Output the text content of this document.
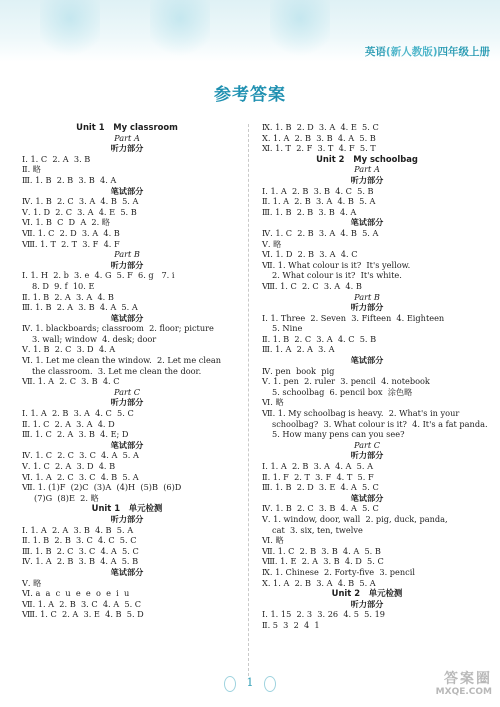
英语(新人教版)四年级上册
参考答案
Unit 1   My classroom
Part A
听力部分
Ⅰ. 1. C  2. A  3. B
Ⅱ. 略
Ⅲ. 1. B  2. B  3. B  4. A
笔试部分
Ⅳ. 1. B  2. C  3. A  4. B  5. A
Ⅴ. 1. D  2. C  3. A  4. E  5. B
Ⅵ. 1. B  C  D  A  2. 略
Ⅶ. 1. C  2. D  3. A  4. B
Ⅷ. 1. T  2. T  3. F  4. F
Part B
听力部分
Ⅰ. 1. H  2. b  3. e  4. G  5. F  6. g   7. i
8. D  9. f  10. E
Ⅱ. 1. B  2. A  3. A  4. B
Ⅲ. 1. B  2. A  3. B  4. A  5. A
笔试部分
Ⅳ. 1. blackboards; classroom  2. floor; picture
3. wall; window  4. desk; door
Ⅴ. 1. B  2. C  3. D  4. A
Ⅵ. 1. Let me clean the window.  2. Let me clean
the classroom.  3. Let me clean the door.
Ⅶ. 1. A  2. C  3. B  4. C
Part C
听力部分
Ⅰ. 1. A  2. B  3. A  4. C  5. C
Ⅱ. 1. C  2. A  3. A  4. D
Ⅲ. 1. C  2. A  3. B  4. E; D
笔试部分
Ⅳ. 1. C  2. C  3. C  4. A  5. A
Ⅴ. 1. C  2. A  3. D  4. B
Ⅵ. 1. A  2. C  3. C  4. B  5. A
Ⅶ. 1. (1)F  (2)C  (3)A  (4)H  (5)B  (6)D
(7)G  (8)E  2. 略
Unit 1   单元检测
听力部分
Ⅰ. 1. A  2. A  3. B  4. B  5. A
Ⅱ. 1. B  2. B  3. C  4. C  5. C
Ⅲ. 1. B  2. C  3. C  4. A  5. C
Ⅳ. 1. A  2. B  3. B  4. A  5. B
笔试部分
Ⅴ. 略
Ⅵ. a  a  c  u  e  e  o  e  i  u
Ⅶ. 1. A  2. B  3. C  4. A  5. C
Ⅷ. 1. C  2. A  3. E  4. B  5. D
Ⅸ. 1. B  2. D  3. A  4. E  5. C
Ⅹ. 1. A  2. B  3. B  4. A  5. B
Ⅺ. 1. T  2. F  3. T  4. F  5. T
Unit 2   My schoolbag
Part A
听力部分
Ⅰ. 1. A  2. B  3. B  4. C  5. B
Ⅱ. 1. A  2. B  3. A  4. B  5. A
Ⅲ. 1. B  2. B  3. B  4. A
笔试部分
Ⅳ. 1. C  2. B  3. A  4. B  5. A
Ⅴ. 略
Ⅵ. 1. D  2. B  3. A  4. C
Ⅶ. 1. What colour is it?  It's yellow.
2. What colour is it?  It's white.
Ⅷ. 1. C  2. C  3. A  4. B
Part B
听力部分
Ⅰ. 1. Three  2. Seven  3. Fifteen  4. Eighteen
5. Nine
Ⅱ. 1. B  2. C  3. A  4. C  5. B
Ⅲ. 1. A  2. A  3. A
笔试部分
Ⅳ. pen  book  pig
Ⅴ. 1. pen  2. ruler  3. pencil  4. notebook
5. schoolbag  6. pencil box  涂色略
Ⅵ. 略
Ⅶ. 1. My schoolbag is heavy.  2. What's in your
schoolbag?  3. What colour is it?  4. It's a fat panda.
5. How many pens can you see?
Part C
听力部分
Ⅰ. 1. A  2. B  3. A  4. A  5. A
Ⅱ. 1. F  2. T  3. F  4. T  5. F
Ⅲ. 1. B  2. D  3. E  4. A  5. C
笔试部分
Ⅳ. 1. B  2. C  3. B  4. A  5. C
Ⅴ. 1. window, door, wall  2. pig, duck, panda,
cat  3. six, ten, twelve
Ⅵ. 略
Ⅶ. 1. C  2. B  3. B  4. A  5. B
Ⅷ. 1. E  2. A  3. B  4. D  5. C
Ⅸ. 1. Chinese  2. Forty-five  3. pencil
Ⅹ. 1. A  2. B  3. A  4. B  5. A
Unit 2   单元检测
听力部分
Ⅰ. 1. 15  2. 3  3. 26  4. 5  5. 19
Ⅱ. 5  3  2  4  1
1	答案圈
MXQE.COM
